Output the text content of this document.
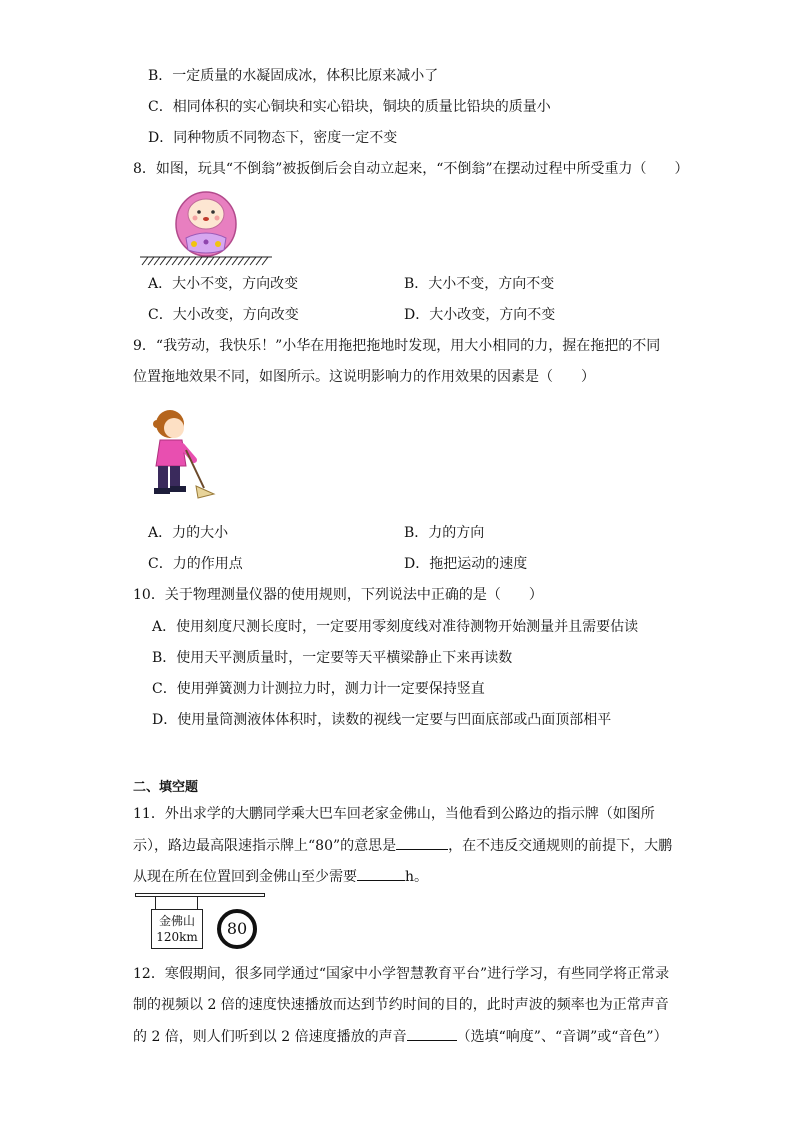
B．一定质量的水凝固成冰，体积比原来减小了
C．相同体积的实心铜块和实心铅块，铜块的质量比铅块的质量小
D．同种物质不同物态下，密度一定不变
8．如图，玩具“不倒翁”被扳倒后会自动立起来，“不倒翁”在摆动过程中所受重力（　　）
A．大小不变，方向改变	B．大小不变，方向不变
C．大小改变，方向改变	D．大小改变，方向不变
9．“我劳动，我快乐！”小华在用拖把拖地时发现，用大小相同的力，握在拖把的不同
位置拖地效果不同，如图所示。这说明影响力的作用效果的因素是（　　）
A．力的大小	B．力的方向
C．力的作用点	D．拖把运动的速度
10．关于物理测量仪器的使用规则，下列说法中正确的是（　　）
A．使用刻度尺测长度时，一定要用零刻度线对准待测物开始测量并且需要估读
B．使用天平测质量时，一定要等天平横梁静止下来再读数
C．使用弹簧测力计测拉力时，测力计一定要保持竖直
D．使用量筒测液体体积时，读数的视线一定要与凹面底部或凸面顶部相平
二、填空题
11．外出求学的大鹏同学乘大巴车回老家金佛山，当他看到公路边的指示牌（如图所
示），路边最高限速指示牌上“80”的意思是	，在不违反交通规则的前提下，大鹏
从现在所在位置回到金佛山至少需要	h。
金佛山
120km	80
12．寒假期间，很多同学通过“国家中小学智慧教育平台”进行学习，有些同学将正常录
制的视频以 2 倍的速度快速播放而达到节约时间的目的，此时声波的频率也为正常声音
的 2 倍，则人们听到以 2 倍速度播放的声音	（选填“响度”、“音调”或“音色”）
